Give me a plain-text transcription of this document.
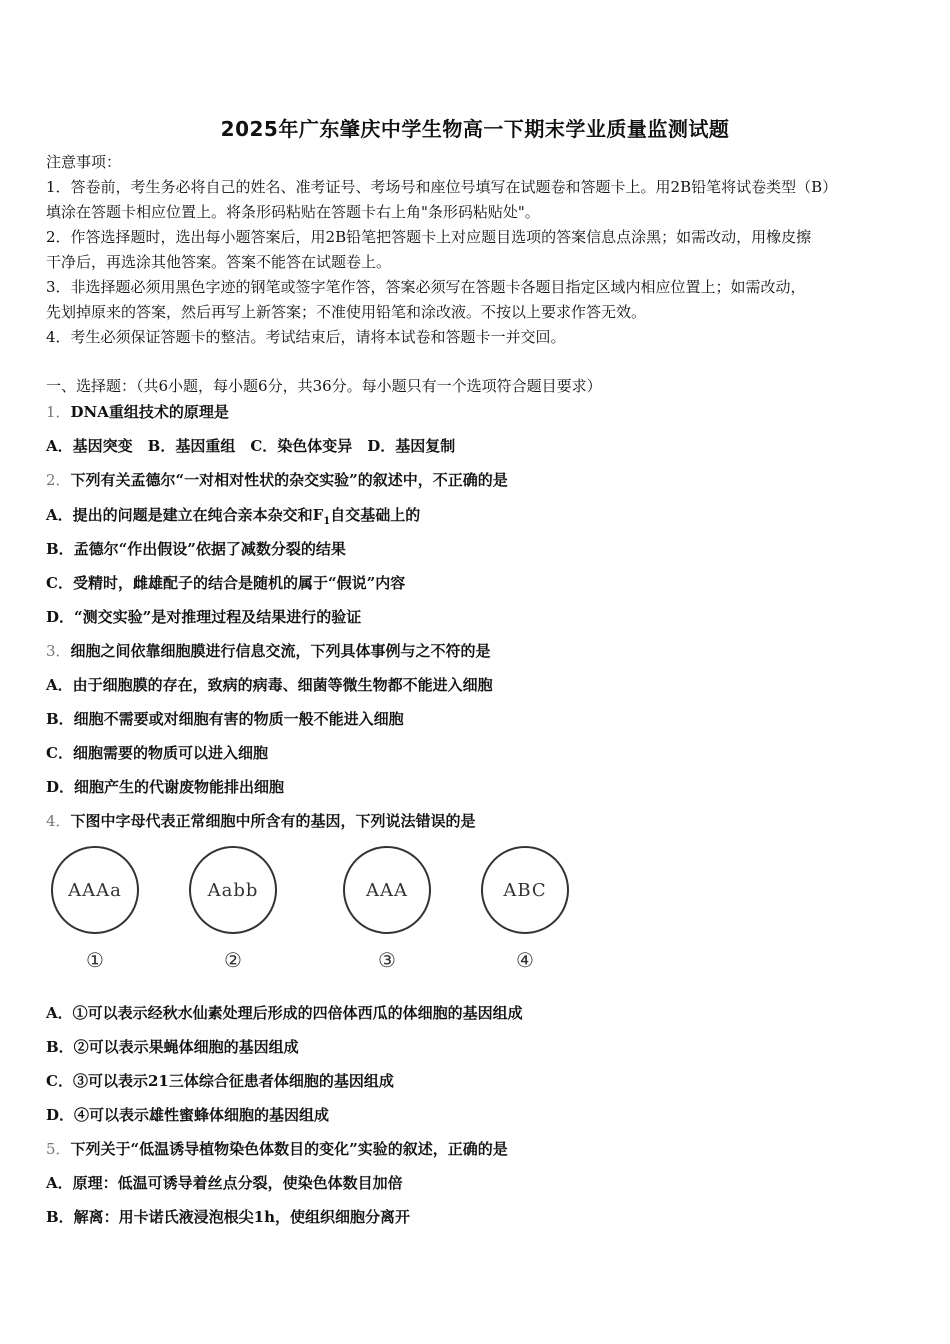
2025年广东肇庆中学生物高一下期末学业质量监测试题
注意事项：
1．答卷前，考生务必将自己的姓名、准考证号、考场号和座位号填写在试题卷和答题卡上。用2B铅笔将试卷类型（B）
填涂在答题卡相应位置上。将条形码粘贴在答题卡右上角"条形码粘贴处"。
2．作答选择题时，选出每小题答案后，用2B铅笔把答题卡上对应题目选项的答案信息点涂黑；如需改动，用橡皮擦
干净后，再选涂其他答案。答案不能答在试题卷上。
3．非选择题必须用黑色字迹的钢笔或签字笔作答，答案必须写在答题卡各题目指定区域内相应位置上；如需改动，
先划掉原来的答案，然后再写上新答案；不准使用铅笔和涂改液。不按以上要求作答无效。
4．考生必须保证答题卡的整洁。考试结束后，请将本试卷和答题卡一并交回。
一、选择题：（共6小题，每小题6分，共36分。每小题只有一个选项符合题目要求）
1．DNA重组技术的原理是
A．基因突变　B．基因重组　C．染色体变异　D．基因复制
2．下列有关孟德尔“一对相对性状的杂交实验”的叙述中，不正确的是
A．提出的问题是建立在纯合亲本杂交和$F_1$自交基础上的
B．孟德尔“作出假设”依据了减数分裂的结果
C．受精时，雌雄配子的结合是随机的属于“假说”内容
D．“测交实验”是对推理过程及结果进行的验证
3．细胞之间依靠细胞膜进行信息交流，下列具体事例与之不符的是
A．由于细胞膜的存在，致病的病毒、细菌等微生物都不能进入细胞
B．细胞不需要或对细胞有害的物质一般不能进入细胞
C．细胞需要的物质可以进入细胞
D．细胞产生的代谢废物能排出细胞
4．下图中字母代表正常细胞中所含有的基因，下列说法错误的是
AAAa	Aabb	AAA	ABC
①	②	③	④
A．①可以表示经秋水仙素处理后形成的四倍体西瓜的体细胞的基因组成
B．②可以表示果蝇体细胞的基因组成
C．③可以表示21三体综合征患者体细胞的基因组成
D．④可以表示雄性蜜蜂体细胞的基因组成
5．下列关于“低温诱导植物染色体数目的变化”实验的叙述，正确的是
A．原理：低温可诱导着丝点分裂，使染色体数目加倍
B．解离：用卡诺氏液浸泡根尖1h，使组织细胞分离开
